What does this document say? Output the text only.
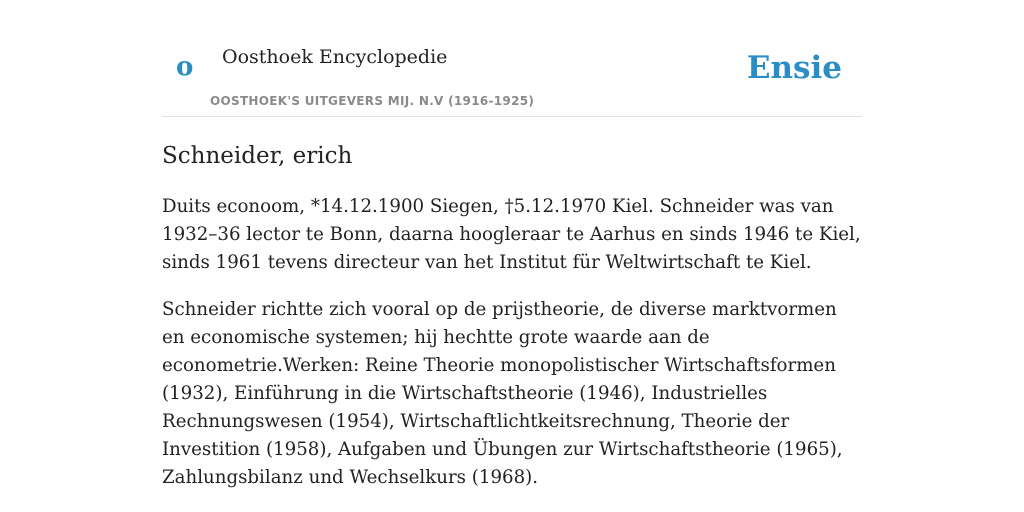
o Oosthoek Encyclopedie
OOSTHOEK'S UITGEVERS MIJ. N.V (1916-1925)
Ensie
Schneider, erich

Duits econoom, *14.12.1900 Siegen, †5.12.1970 Kiel. Schneider was van 1932–36 lector te Bonn, daarna hoogleraar te Aarhus en sinds 1946 te Kiel, sinds 1961 tevens directeur van het Institut für Weltwirtschaft te Kiel.

Schneider richtte zich vooral op de prijstheorie, de diverse marktvormen en economische systemen; hij hechtte grote waarde aan de econometrie.Werken: Reine Theorie monopolistischer Wirtschaftsformen (1932), Einführung in die Wirtschaftstheorie (1946), Industrielles Rechnungswesen (1954), Wirtschaftlichtkeitsrechnung, Theorie der Investition (1958), Aufgaben und Übungen zur Wirtschaftstheorie (1965), Zahlungsbilanz und Wechselkurs (1968).
